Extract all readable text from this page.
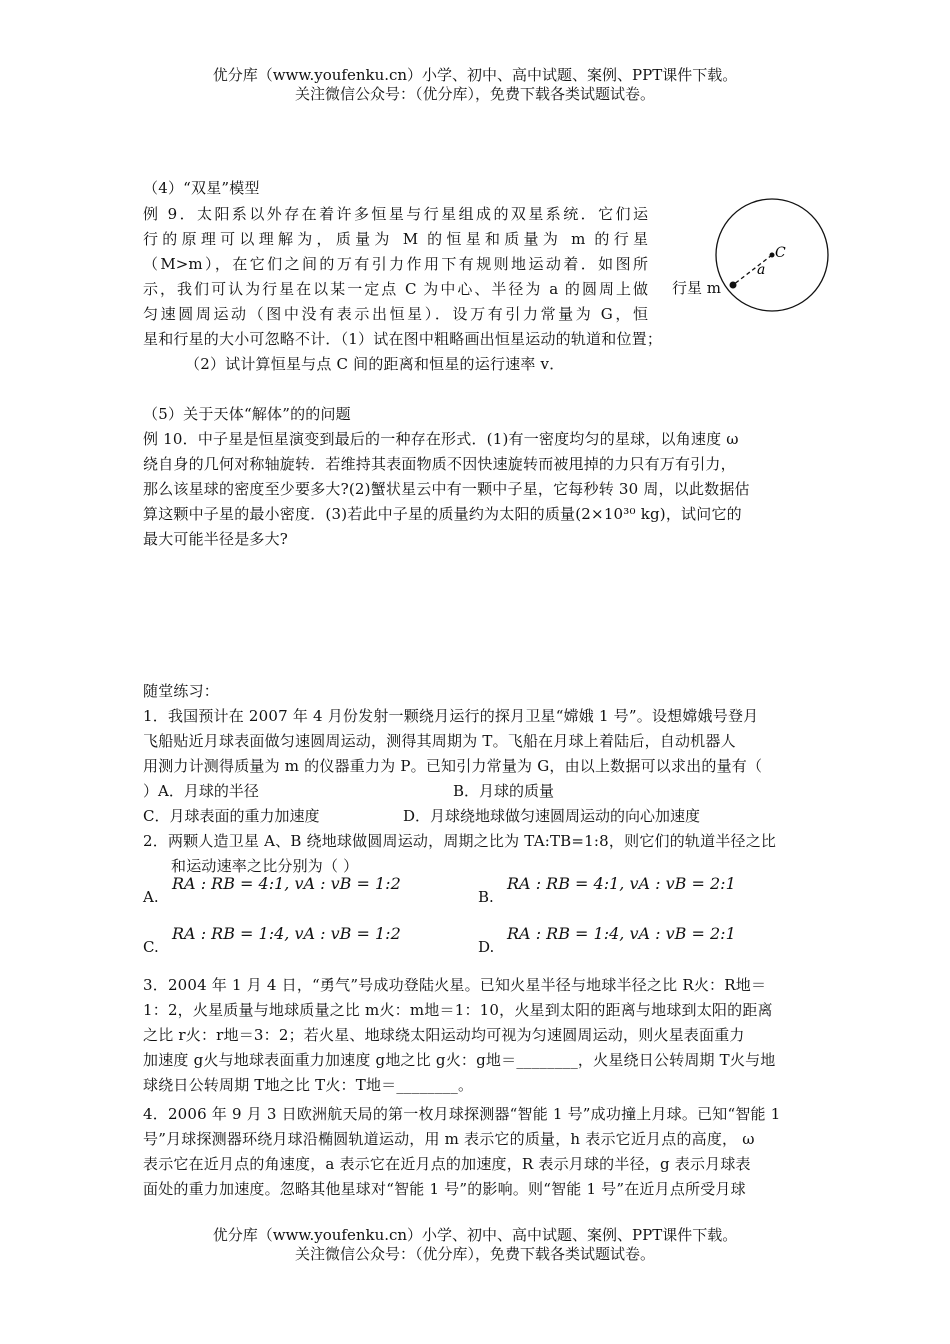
优分库（www.youfenku.cn）小学、初中、高中试题、案例、PPT课件下载。
关注微信公众号：（优分库），免费下载各类试题试卷。
（4）“双星”模型
例 9．太阳系以外存在着许多恒星与行星组成的双星系统．它们运
行的原理可以理解为，质量为 M 的恒星和质量为 m 的行星
（M>m），在它们之间的万有引力作用下有规则地运动着．如图所
示，我们可认为行星在以某一定点 C 为中心、半径为 a 的圆周上做
匀速圆周运动（图中没有表示出恒星）．设万有引力常量为 G，恒
星和行星的大小可忽略不计．（1）试在图中粗略画出恒星运动的轨道和位置；
（2）试计算恒星与点 C 间的距离和恒星的运行速率 v．
行星 m
C
a
（5）关于天体“解体”的的问题
例 10．中子星是恒星演变到最后的一种存在形式．(1)有一密度均匀的星球，以角速度 ω
绕自身的几何对称轴旋转．若维持其表面物质不因快速旋转而被甩掉的力只有万有引力，
那么该星球的密度至少要多大?(2)蟹状星云中有一颗中子星，它每秒转 30 周，以此数据估
算这颗中子星的最小密度．(3)若此中子星的质量约为太阳的质量(2×10³⁰ kg)，试问它的
最大可能半径是多大?
随堂练习：
1．我国预计在 2007 年 4 月份发射一颗绕月运行的探月卫星“嫦娥 1 号”。设想嫦娥号登月
飞船贴近月球表面做匀速圆周运动，测得其周期为 T。飞船在月球上着陆后，自动机器人
用测力计测得质量为 m 的仪器重力为 P。已知引力常量为 G，由以上数据可以求出的量有（
）A．月球的半径	B．月球的质量
C．月球表面的重力加速度	D．月球绕地球做匀速圆周运动的向心加速度
2．两颗人造卫星 A、B 绕地球做圆周运动，周期之比为 TA:TB=1:8，则它们的轨道半径之比
和运动速率之比分别为（ ）
A.
RA : RB = 4:1, vA : vB = 1:2
B.
RA : RB = 4:1, vA : vB = 2:1
C.
RA : RB = 1:4, vA : vB = 1:2
D.
RA : RB = 1:4, vA : vB = 2:1
3．2004 年 1 月 4 日，“勇气”号成功登陆火星。已知火星半径与地球半径之比 R火：R地＝
1：2，火星质量与地球质量之比 m火：m地＝1：10，火星到太阳的距离与地球到太阳的距离
之比 r火：r地＝3：2；若火星、地球绕太阳运动均可视为匀速圆周运动，则火星表面重力
加速度 g火与地球表面重力加速度 g地之比 g火：g地＝________，火星绕日公转周期 T火与地
球绕日公转周期 T地之比 T火：T地＝________。
4．2006 年 9 月 3 日欧洲航天局的第一枚月球探测器“智能 1 号”成功撞上月球。已知“智能 1
号”月球探测器环绕月球沿椭圆轨道运动，用 m 表示它的质量，h 表示它近月点的高度， ω
表示它在近月点的角速度，a 表示它在近月点的加速度，R 表示月球的半径，g 表示月球表
面处的重力加速度。忽略其他星球对“智能 1 号”的影响。则“智能 1 号”在近月点所受月球
优分库（www.youfenku.cn）小学、初中、高中试题、案例、PPT课件下载。
关注微信公众号：（优分库），免费下载各类试题试卷。
